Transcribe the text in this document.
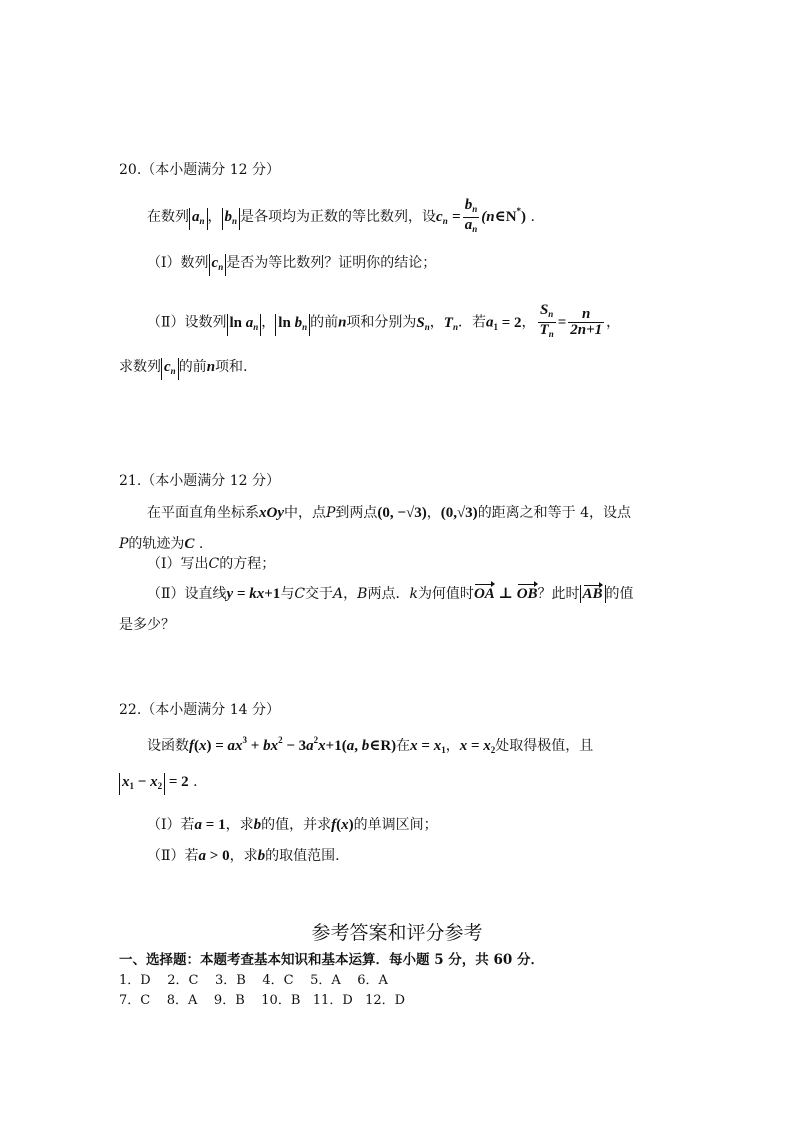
20.（本小题满分 12 分）
在数列 $a_n$ ， $b_n$ 是各项均为正数的等比数列，设$c_n = \frac{b_n}{a_n}$ (n∈N*) .
（Ⅰ）数列 $c_n$ 是否为等比数列？证明你的结论；
（Ⅱ）设数列 $\ln a_n$ ， $\ln b_n$ 的前n项和分别为$S_n$，$T_n$．若$a_1 = 2$， $\frac{S_n}{T_n} = \frac{n}{2n+1}$ ，
求数列 $c_n$ 的前n项和.
21.（本小题满分 12 分）
在平面直角坐标系xOy中，点P到两点(0, −√3)，(0,√3)的距离之和等于 4，设点
P的轨迹为C .
（Ⅰ）写出C的方程；
（Ⅱ）设直线y = kx+1与C交于A，B两点．k为何值时OA ⊥ OB？此时 AB 的值
是多少？
22.（本小题满分 14 分）
设函数$f(x) = ax^3 + bx^2 - 3a^2x+1(a$, b∈R)在$x = x_1$，$x = x_2$处取得极值，且
$x_1 - x_2 = 2$ .
（Ⅰ）若a = 1，求b的值，并求f(x)的单调区间；
（Ⅱ）若a > 0，求b的取值范围.
参考答案和评分参考
一、选择题：本题考查基本知识和基本运算．每小题 5 分，共 60 分．
1．D    2．C    3．B    4．C    5．A    6．A
7．C    8．A    9．B    10．B   11．D   12．D
